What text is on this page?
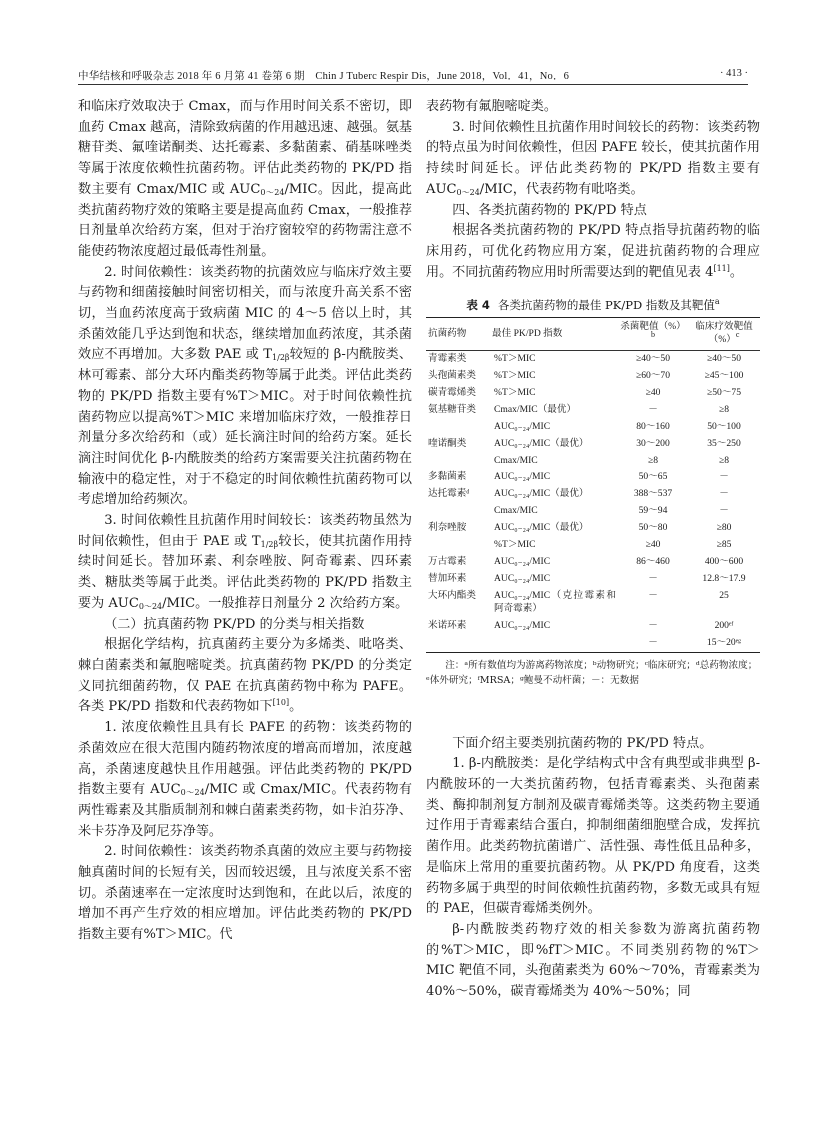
中华结核和呼吸杂志 2018 年 6 月第 41 卷第 6 期　Chin J Tuberc Respir Dis，June 2018，Vol．41，No．6	· 413 ·

和临床疗效取决于 Cmax，而与作用时间关系不密切，即血药 Cmax 越高，清除致病菌的作用越迅速、越强。氨基糖苷类、氟喹诺酮类、达托霉素、多黏菌素、硝基咪唑类等属于浓度依赖性抗菌药物。评估此类药物的 PK/PD 指数主要有 Cmax/MIC 或 $AUC_{0\sim 24}$/MIC。因此，提高此类抗菌药物疗效的策略主要是提高血药 Cmax，一般推荐日剂量单次给药方案，但对于治疗窗较窄的药物需注意不能使药物浓度超过最低毒性剂量。

2. 时间依赖性：该类药物的抗菌效应与临床疗效主要与药物和细菌接触时间密切相关，而与浓度升高关系不密切，当血药浓度高于致病菌 MIC 的 4～5 倍以上时，其杀菌效能几乎达到饱和状态，继续增加血药浓度，其杀菌效应不再增加。大多数 PAE 或 $T_{1/2\beta}$较短的 β-内酰胺类、林可霉素、部分大环内酯类药物等属于此类。评估此类药物的 PK/PD 指数主要有%T＞MIC。对于时间依赖性抗菌药物应以提高%T＞MIC 来增加临床疗效，一般推荐日剂量分多次给药和（或）延长滴注时间的给药方案。延长滴注时间优化 β-内酰胺类的给药方案需要关注抗菌药物在输液中的稳定性，对于不稳定的时间依赖性抗菌药物可以考虑增加给药频次。

3. 时间依赖性且抗菌作用时间较长：该类药物虽然为时间依赖性，但由于 PAE 或 $T_{1/2\beta}$较长，使其抗菌作用持续时间延长。替加环素、利奈唑胺、阿奇霉素、四环素类、糖肽类等属于此类。评估此类药物的 PK/PD 指数主要为 $AUC_{0\sim 24}$/MIC。一般推荐日剂量分 2 次给药方案。

（二）抗真菌药物 PK/PD 的分类与相关指数

根据化学结构，抗真菌药主要分为多烯类、吡咯类、棘白菌素类和氟胞嘧啶类。抗真菌药物 PK/PD 的分类定义同抗细菌药物，仅 PAE 在抗真菌药物中称为 PAFE。各类 PK/PD 指数和代表药物如下[10]。

1. 浓度依赖性且具有长 PAFE 的药物：该类药物的杀菌效应在很大范围内随药物浓度的增高而增加，浓度越高，杀菌速度越快且作用越强。评估此类药物的 PK/PD 指数主要有 $AUC_{0\sim 24}$/MIC 或 Cmax/MIC。代表药物有两性霉素及其脂质制剂和棘白菌素类药物，如卡泊芬净、米卡芬净及阿尼芬净等。

2. 时间依赖性：该类药物杀真菌的效应主要与药物接触真菌时间的长短有关，因而较迟缓，且与浓度关系不密切。杀菌速率在一定浓度时达到饱和，在此以后，浓度的增加不再产生疗效的相应增加。评估此类药物的 PK/PD 指数主要有%T＞MIC。代

表药物有氟胞嘧啶类。

3. 时间依赖性且抗菌作用时间较长的药物：该类药物的特点虽为时间依赖性，但因 PAFE 较长，使其抗菌作用持续时间延长。评估此类药物的 PK/PD 指数主要有 $AUC_{0\sim 24}$/MIC，代表药物有吡咯类。

四、各类抗菌药物的 PK/PD 特点

根据各类抗菌药物的 PK/PD 特点指导抗菌药物的临床用药，可优化药物应用方案，促进抗菌药物的合理应用。不同抗菌药物应用时所需要达到的靶值见表 4[11]。

表 4 各类抗菌药物的最佳 PK/PD 指数及其靶值$^a$
抗菌药物	最佳 PK/PD 指数	杀菌靶值（%）$^b$	临床疗效靶值（%）$^c$
青霉素类	%T＞MIC	≥40～50	≥40～50
头孢菌素类	%T＞MIC	≥60～70	≥45～100
碳青霉烯类	%T＞MIC	≥40	≥50～75
氨基糖苷类	Cmax/MIC（最优）	－	≥8
	AUC₀₋₂₄/MIC	80～160	50～100
喹诺酮类	AUC₀₋₂₄/MIC（最优）	30～200	35～250
	Cmax/MIC	≥8	≥8
多黏菌素	AUC₀₋₂₄/MIC	50～65	－
达托霉素ᵈ	AUC₀₋₂₄/MIC（最优）	388～537	－
	Cmax/MIC	59～94	－
利奈唑胺	AUC₀₋₂₄/MIC（最优）	50～80	≥80
	%T＞MIC	≥40	≥85
万古霉素	AUC₀₋₂₄/MIC	86～460	400～600
替加环素	AUC₀₋₂₄/MIC	－	12.8～17.9
大环内酯类	AUC₀₋₂₄/MIC（克拉霉素和阿奇霉素）	－	25
米诺环素	AUC₀₋₂₄/MIC	－	200ᵉᶠ
		－	15～20ᵉᵍ
注：ᵃ所有数值均为游离药物浓度；ᵇ动物研究；ᶜ临床研究；ᵈ总药物浓度；ᵉ体外研究；ᶠMRSA；ᵍ鲍曼不动杆菌；－：无数据

下面介绍主要类别抗菌药物的 PK/PD 特点。

1. β-内酰胺类：是化学结构式中含有典型或非典型 β-内酰胺环的一大类抗菌药物，包括青霉素类、头孢菌素类、酶抑制剂复方制剂及碳青霉烯类等。这类药物主要通过作用于青霉素结合蛋白，抑制细菌细胞壁合成，发挥抗菌作用。此类药物抗菌谱广、活性强、毒性低且品种多，是临床上常用的重要抗菌药物。从 PK/PD 角度看，这类药物多属于典型的时间依赖性抗菌药物，多数无或具有短的 PAE，但碳青霉烯类例外。

β-内酰胺类药物疗效的相关参数为游离抗菌药物的%T＞MIC，即%fT＞MIC。不同类别药物的%T＞MIC 靶值不同，头孢菌素类为 60%～70%，青霉素类为 40%～50%，碳青霉烯类为 40%～50%；同
